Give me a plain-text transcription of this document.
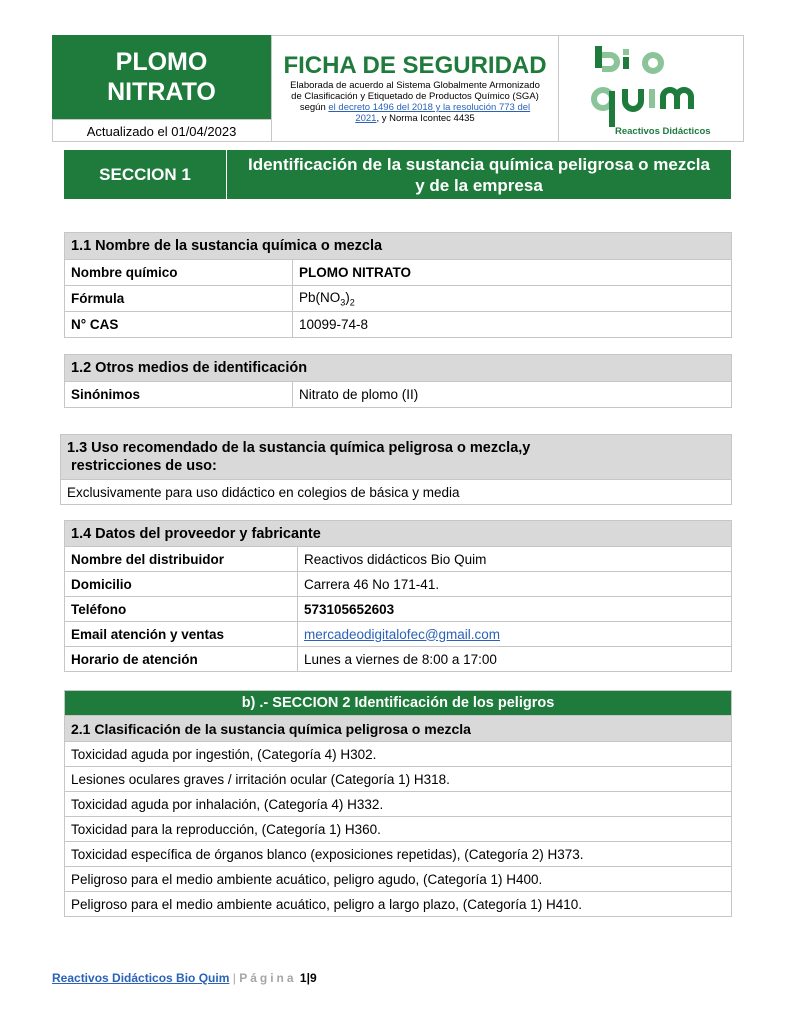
PLOMO
NITRATO
Actualizado el 01/04/2023
FICHA DE SEGURIDAD
Elaborada de acuerdo al Sistema Globalmente Armonizado
de Clasificación y Etiquetado de Productos Químico (SGA)
según el decreto 1496 del 2018 y la resolución 773 del
2021, y Norma Icontec 4435
Reactivos Didácticos
SECCION 1
Identificación de la sustancia química peligrosa o mezcla
y de la empresa
1.1 Nombre de la sustancia química o mezcla	
Nombre químico	PLOMO NITRATO
Fórmula	$Pb(NO_3)_2$
N° CAS	10099-74-8
1.2 Otros medios de identificación
Sinónimos	Nitrato de plomo (II)
1.3 Uso recomendado de la sustancia química peligrosa o mezcla,y
restricciones de uso:

Exclusivamente para uso didáctico en colegios de básica y media
1.4 Datos del proveedor y fabricante	
Nombre del distribuidor	Reactivos didácticos Bio Quim
Domicilio	Carrera 46 No 171-41.
Teléfono	573105652603
Email atención y ventas	mercadeodigitalofec@gmail.com
Horario de atención	Lunes a viernes de 8:00 a 17:00
b) .- SECCION 2 Identificación de los peligros
2.1 Clasificación de la sustancia química peligrosa o mezcla
Toxicidad aguda por ingestión, (Categoría 4) H302.
Lesiones oculares graves / irritación ocular (Categoría 1) H318.
Toxicidad aguda por inhalación, (Categoría 4) H332.
Toxicidad para la reproducción, (Categoría 1) H360.
Toxicidad específica de órganos blanco (exposiciones repetidas), (Categoría 2) H373.
Peligroso para el medio ambiente acuático, peligro agudo, (Categoría 1) H400.
Peligroso para el medio ambiente acuático, peligro a largo plazo, (Categoría 1) H410.
Reactivos Didácticos Bio Quim | Página 1|9
